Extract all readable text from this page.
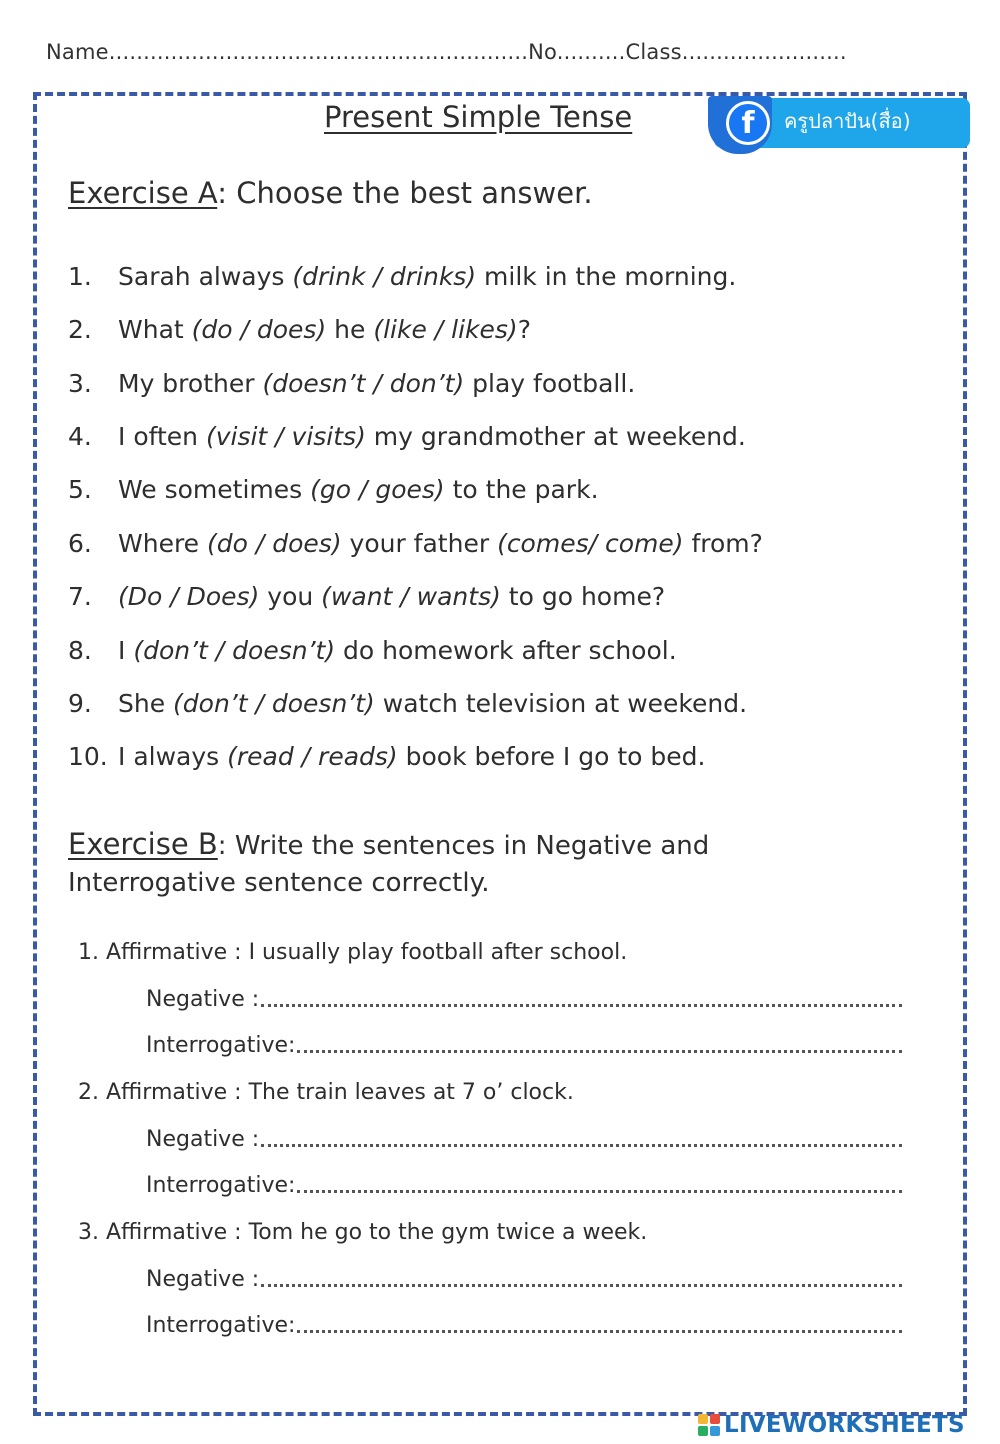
Name.............................................................No..........Class........................
Present Simple Tense	f	ครูปลาปัน(สื่อ)
Exercise A: Choose the best answer.
1. Sarah always (drink / drinks) milk in the morning.
2. What (do / does) he (like / likes)?
3. My brother (doesn’t / don’t) play football.
4. I often (visit / visits) my grandmother at weekend.
5. We sometimes (go / goes) to the park.
6. Where (do / does) your father (comes/ come) from?
7. (Do / Does) you (want / wants) to go home?
8. I (don’t / doesn’t) do homework after school.
9. She (don’t / doesn’t) watch television at weekend.
10. I always (read / reads) book before I go to bed.
Exercise B: Write the sentences in Negative and Interrogative sentence correctly.
1. Affirmative : I usually play football after school.
Negative :
Interrogative:
2. Affirmative : The train leaves at 7 o’ clock.
Negative :
Interrogative:
3. Affirmative : Tom he go to the gym twice a week.
Negative :
Interrogative:
LIVEWORKSHEETS
